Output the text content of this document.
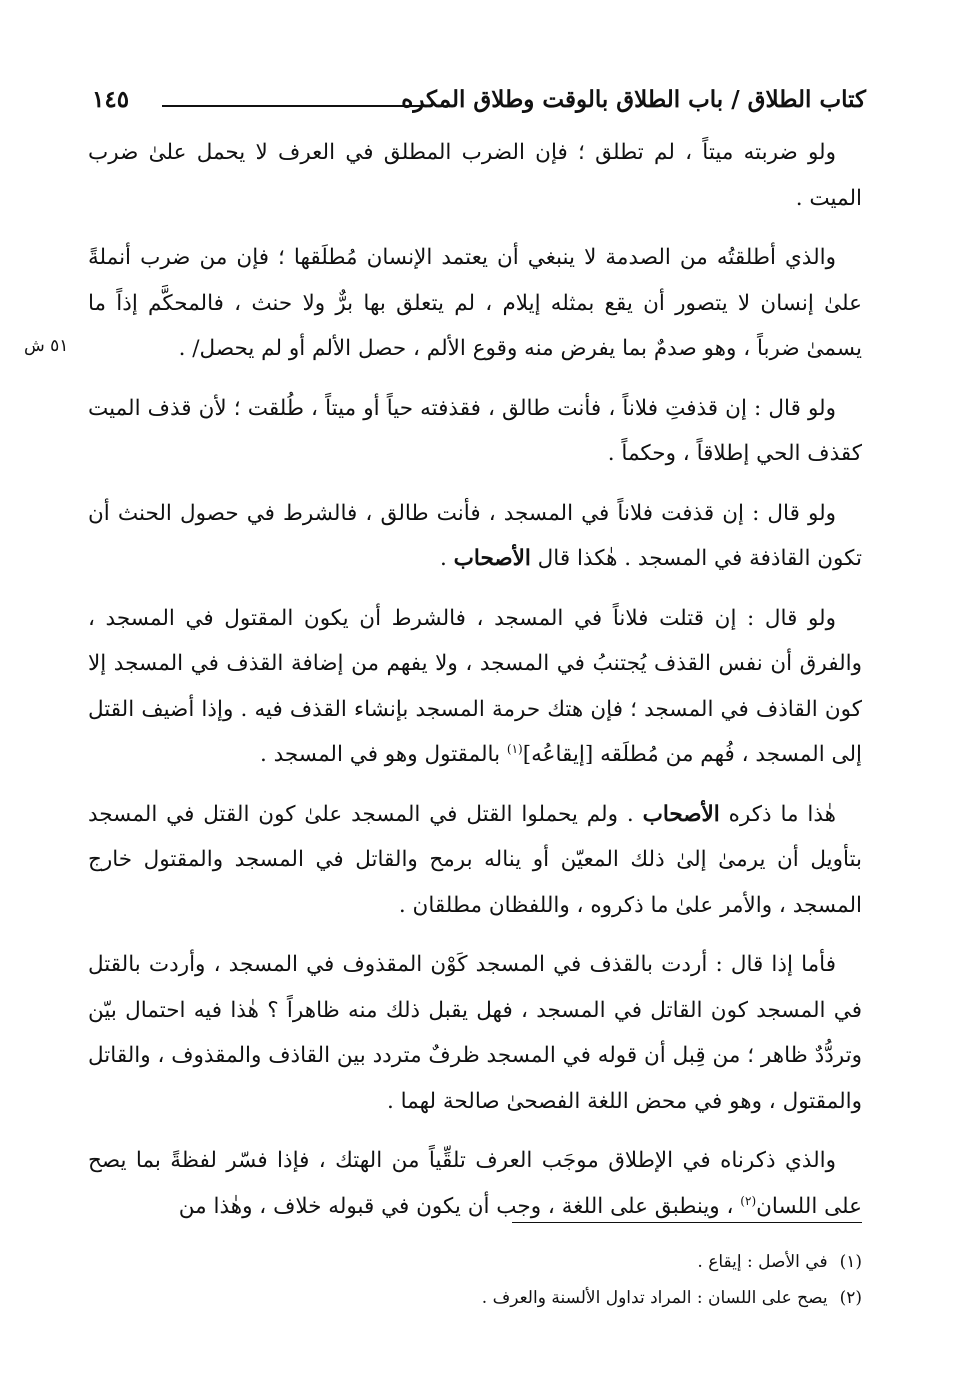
كتاب الطلاق / باب الطلاق بالوقت وطلاق المكره
١٤٥
٥١ ش

ولو ضربته ميتاً ، لم تطلق ؛ فإن الضرب المطلق في العرف لا يحمل علىٰ ضرب الميت .

والذي أطلقتُه من الصدمة لا ينبغي أن يعتمد الإنسان مُطلَقها ؛ فإن من ضرب أنملةً علىٰ إنسان لا يتصور أن يقع بمثله إيلام ، لم يتعلق بها برٌّ ولا حنث ، فالمحكَّم إذاً ما يسمىٰ ضرباً ، وهو صدمٌ بما يفرض منه وقوع الألم ، حصل الألم أو لم يحصل/ .

ولو قال : إن قذفتِ فلاناً ، فأنت طالق ، فقذفته حياً أو ميتاً ، طُلقت ؛ لأن قذف الميت كقذف الحي إطلاقاً ، وحكماً .

ولو قال : إن قذفت فلاناً في المسجد ، فأنت طالق ، فالشرط في حصول الحنث أن تكون القاذفة في المسجد . هٰكذا قال الأصحاب .

ولو قال : إن قتلت فلاناً في المسجد ، فالشرط أن يكون المقتول في المسجد ، والفرق أن نفس القذف يُجتنبُ في المسجد ، ولا يفهم من إضافة القذف في المسجد إلا كون القاذف في المسجد ؛ فإن هتك حرمة المسجد بإنشاء القذف فيه . وإذا أضيف القتل إلى المسجد ، فُهم من مُطلَقه [إيقاعُه]$^{(١)}$ بالمقتول وهو في المسجد .

هٰذا ما ذكره الأصحاب . ولم يحملوا القتل في المسجد علىٰ كون القتل في المسجد بتأويل أن يرمىٰ إلىٰ ذلك المعيّن أو يناله برمح والقاتل في المسجد والمقتول خارج المسجد ، والأمر علىٰ ما ذكروه ، واللفظان مطلقان .

فأما إذا قال : أردت بالقذف في المسجد كَوْن المقذوف في المسجد ، وأردت بالقتل في المسجد كون القاتل في المسجد ، فهل يقبل ذلك منه ظاهراً ؟ هٰذا فيه احتمال بيّن وتردُّدٌ ظاهر ؛ من قِبل أن قوله في المسجد ظرفٌ متردد بين القاذف والمقذوف ، والقاتل والمقتول ، وهو في محض اللغة الفصحىٰ صالحة لهما .

والذي ذكرناه في الإطلاق موجَب العرف تلقِّياً من الهتك ، فإذا فسّر لفظةً بما يصح على اللسان$^{(٢)}$ ، وينطبق على اللغة ، وجب أن يكون في قبوله خلاف ، وهٰذا من

(١)
في الأصل : إيقاع .
(٢)
يصح على اللسان : المراد تداول الألسنة والعرف .
